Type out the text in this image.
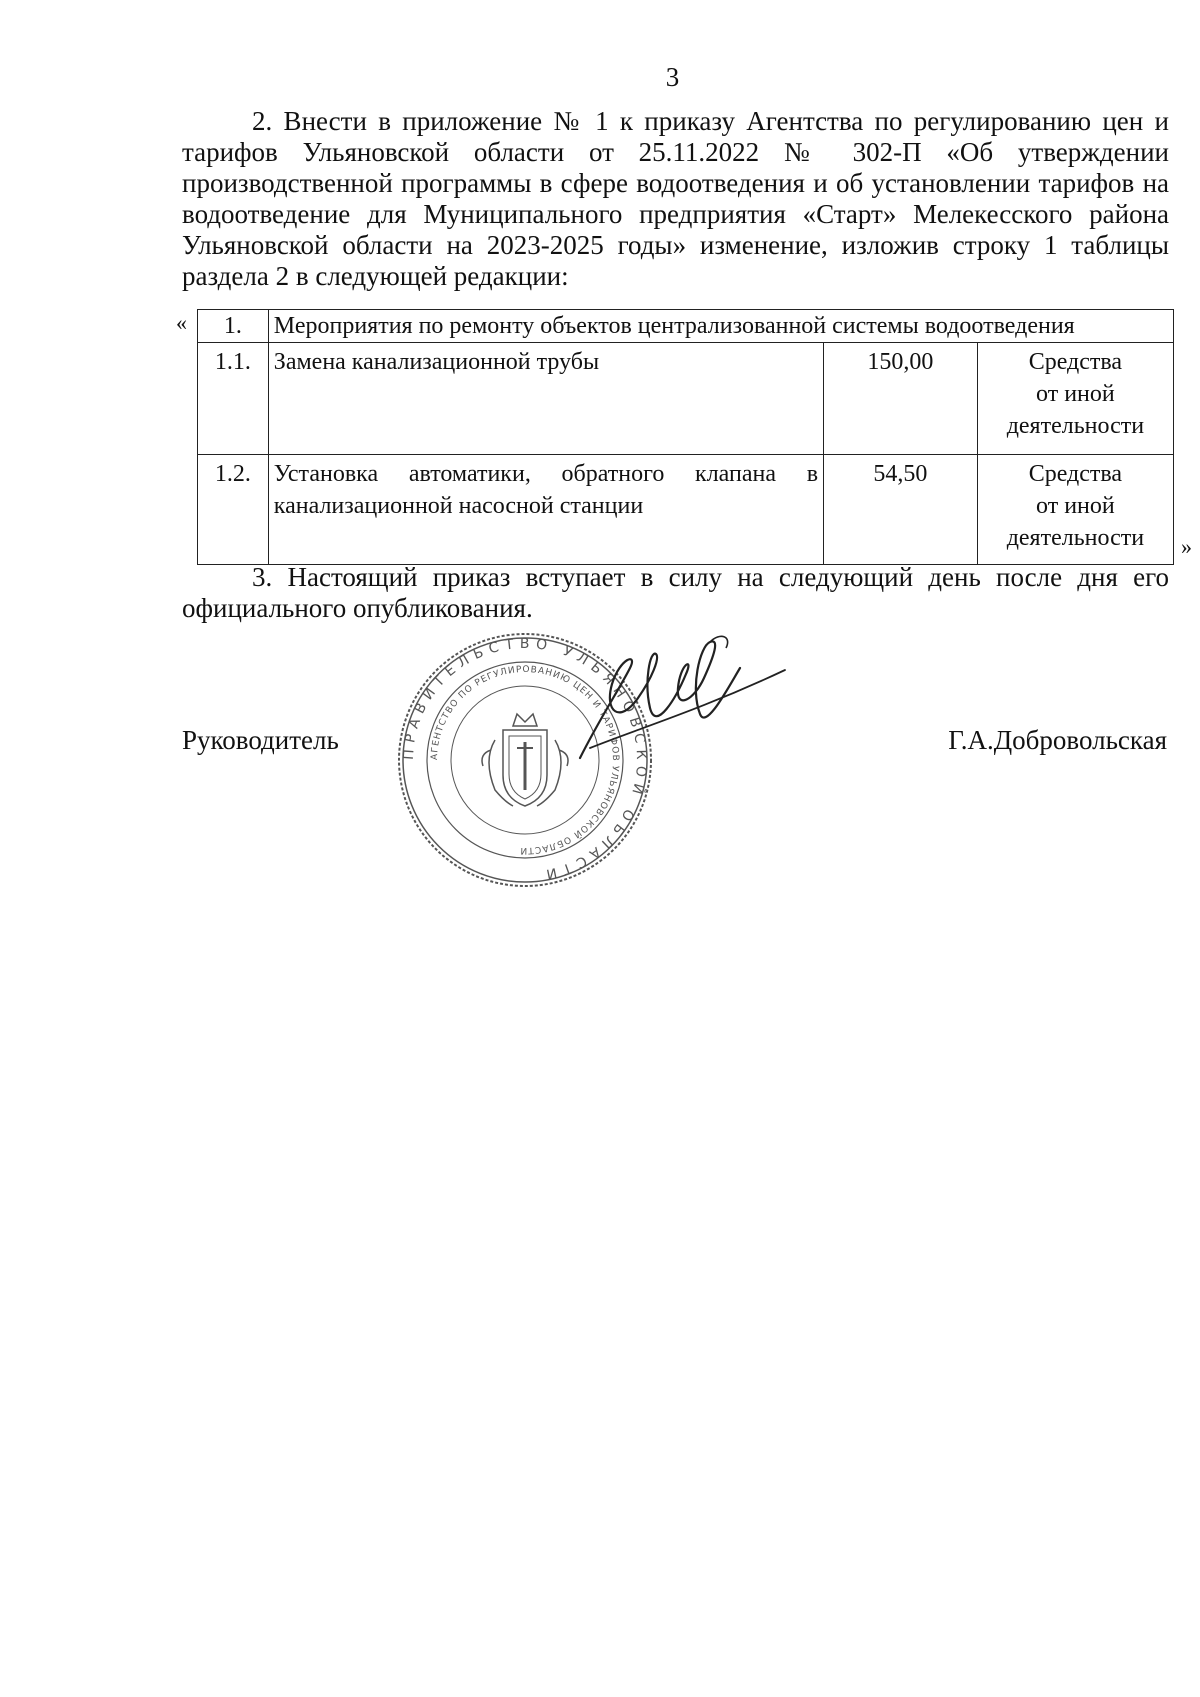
3
2. Внести в приложение № 1 к приказу Агентства по регулированию цен и тарифов Ульяновской области от 25.11.2022 № 302-П «Об утверждении производственной программы в сфере водоотведения и об установлении тарифов на водоотведение для Муниципального предприятия «Старт» Мелекесского района Ульяновской области на 2023-2025 годы» изменение, изложив строку 1 таблицы раздела 2 в следующей редакции:
« 1.	Мероприятия по ремонту объектов централизованной системы водоотведения		
1.1.	Замена канализационной трубы	150,00	Средства
от иной
деятельности

1.2.	Установка автоматики, обратного клапана в канализационной насосной станции	54,50	Средства
от иной
деятельности	»
3. Настоящий приказ вступает в силу на следующий день после дня его официального опубликования.
ПРАВИТЕЛЬСТВО УЛЬЯНОВСКОЙ ОБЛАСТИ
АГЕНТСТВО ПО РЕГУЛИРОВАНИЮ ЦЕН И ТАРИФОВ УЛЬЯНОВСКОЙ ОБЛАСТИ
Руководитель	Г.А.Добровольская
